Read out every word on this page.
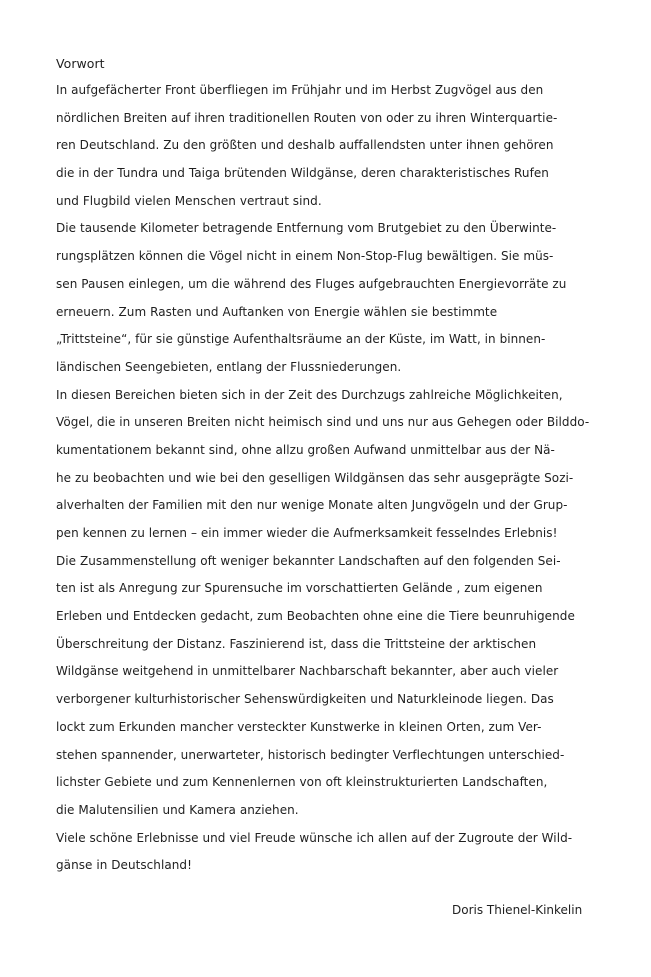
Vorwort
In aufgefächerter Front überfliegen im Frühjahr und im Herbst Zugvögel aus den
nördlichen Breiten auf ihren traditionellen Routen von oder zu ihren Winterquartie-
ren Deutschland. Zu den größten und deshalb auffallendsten unter ihnen gehören
die in der Tundra und Taiga brütenden Wildgänse, deren charakteristisches Rufen
und Flugbild vielen Menschen vertraut sind.
Die tausende Kilometer betragende Entfernung vom Brutgebiet zu den Überwinte-
rungsplätzen können die Vögel nicht in einem Non-Stop-Flug bewältigen. Sie müs-
sen Pausen einlegen, um die während des Fluges aufgebrauchten Energievorräte zu
erneuern. Zum Rasten und Auftanken von Energie wählen sie bestimmte
„Trittsteine“, für sie günstige Aufenthaltsräume an der Küste, im Watt, in binnen-
ländischen Seengebieten, entlang der Flussniederungen.
In diesen Bereichen bieten sich in der Zeit des Durchzugs zahlreiche Möglichkeiten,
Vögel, die in unseren Breiten nicht heimisch sind und uns nur aus Gehegen oder Bilddo-
kumentationem bekannt sind, ohne allzu großen Aufwand unmittelbar aus der Nä-
he zu beobachten und wie bei den geselligen Wildgänsen das sehr ausgeprägte Sozi-
alverhalten der Familien mit den nur wenige Monate alten Jungvögeln und der Grup-
pen kennen zu lernen – ein immer wieder die Aufmerksamkeit fesselndes Erlebnis!
Die Zusammenstellung oft weniger bekannter Landschaften auf den folgenden Sei-
ten ist als Anregung zur Spurensuche im vorschattierten Gelände , zum eigenen
Erleben und Entdecken gedacht, zum Beobachten ohne eine die Tiere beunruhigende
Überschreitung der Distanz. Faszinierend ist, dass die Trittsteine der arktischen
Wildgänse weitgehend in unmittelbarer Nachbarschaft bekannter, aber auch vieler
verborgener kulturhistorischer Sehenswürdigkeiten und Naturkleinode liegen. Das
lockt zum Erkunden mancher versteckter Kunstwerke in kleinen Orten, zum Ver-
stehen spannender, unerwarteter, historisch bedingter Verflechtungen unterschied-
lichster Gebiete und zum Kennenlernen von oft kleinstrukturierten Landschaften,
die Malutensilien und Kamera anziehen.
Viele schöne Erlebnisse und viel Freude wünsche ich allen auf der Zugroute der Wild-
gänse in Deutschland!
Doris Thienel-Kinkelin
